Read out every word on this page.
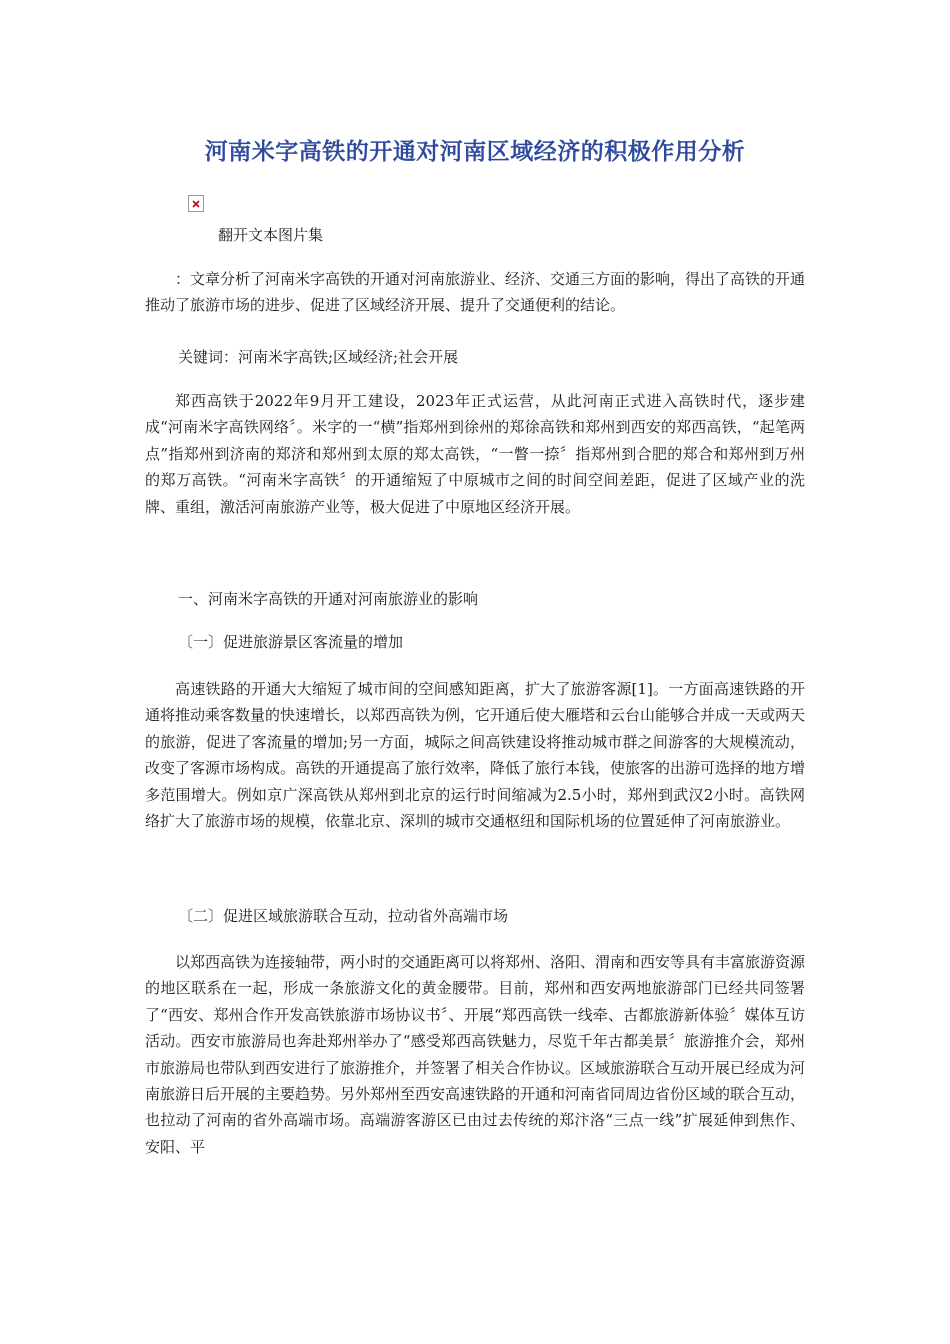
河南米字高铁的开通对河南区域经济的积极作用分析
翻开文本图片集
：文章分析了河南米字高铁的开通对河南旅游业、经济、交通三方面的影响，得出了高铁的开通推动了旅游市场的进步、促进了区域经济开展、提升了交通便利的结论。
关键词：河南米字高铁;区域经济;社会开展
郑西高铁于2022年9月开工建设，2023年正式运营，从此河南正式进入高铁时代，逐步建成“河南米字高铁网络〞。米字的一“横”指郑州到徐州的郑徐高铁和郑州到西安的郑西高铁，“起笔两点”指郑州到济南的郑济和郑州到太原的郑太高铁，“一瞥一捺〞指郑州到合肥的郑合和郑州到万州的郑万高铁。“河南米字高铁〞的开通缩短了中原城市之间的时间空间差距，促进了区域产业的洗牌、重组，激活河南旅游产业等，极大促进了中原地区经济开展。
一、河南米字高铁的开通对河南旅游业的影响
〔一〕促进旅游景区客流量的增加
高速铁路的开通大大缩短了城市间的空间感知距离，扩大了旅游客源[1]。一方面高速铁路的开通将推动乘客数量的快速增长，以郑西高铁为例，它开通后使大雁塔和云台山能够合并成一天或两天的旅游，促进了客流量的增加;另一方面，城际之间高铁建设将推动城市群之间游客的大规模流动，改变了客源市场构成。高铁的开通提高了旅行效率，降低了旅行本钱，使旅客的出游可选择的地方增多范围增大。例如京广深高铁从郑州到北京的运行时间缩减为2.5小时，郑州到武汉2小时。高铁网络扩大了旅游市场的规模，依靠北京、深圳的城市交通枢纽和国际机场的位置延伸了河南旅游业。
〔二〕促进区域旅游联合互动，拉动省外高端市场
以郑西高铁为连接轴带，两小时的交通距离可以将郑州、洛阳、渭南和西安等具有丰富旅游资源的地区联系在一起，形成一条旅游文化的黄金腰带。目前，郑州和西安两地旅游部门已经共同签署了“西安、郑州合作开发高铁旅游市场协议书〞、开展“郑西高铁一线牵、古都旅游新体验〞媒体互访活动。西安市旅游局也奔赴郑州举办了“感受郑西高铁魅力，尽览千年古都美景〞旅游推介会，郑州市旅游局也带队到西安进行了旅游推介，并签署了相关合作协议。区域旅游联合互动开展已经成为河南旅游日后开展的主要趋势。另外郑州至西安高速铁路的开通和河南省同周边省份区域的联合互动，也拉动了河南的省外高端市场。高端游客游区已由过去传统的郑汴洛“三点一线”扩展延伸到焦作、安阳、平
